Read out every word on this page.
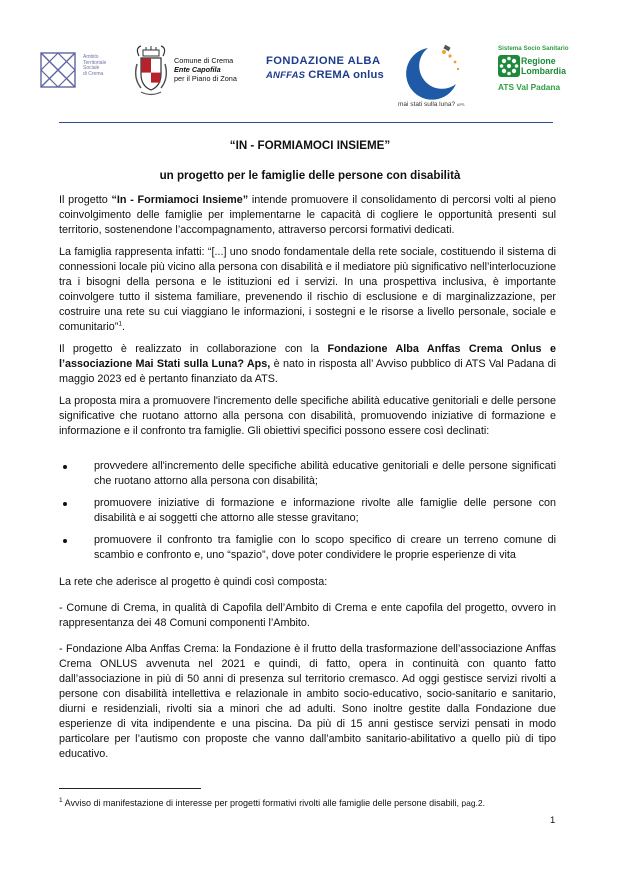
Ambito
Territoriale
Sociale
di Crema
Comune di Crema
Ente Capofila
per il Piano di Zona
FONDAZIONE ALBA
ANFFAS CREMA onlus
mai stati sulla luna? APS
Sistema Socio Sanitario
Regione
Lombardia
ATS Val Padana
“IN - FORMIAMOCI INSIEME”
un progetto per le famiglie delle persone con disabilità
Il progetto “In - Formiamoci Insieme” intende promuovere il consolidamento di percorsi volti al pieno coinvolgimento delle famiglie per implementarne le capacità di cogliere le opportunità presenti sul territorio, sostenendone l’accompagnamento, attraverso percorsi formativi dedicati.
La famiglia rappresenta infatti: “[...] uno snodo fondamentale della rete sociale, costituendo il sistema di connessioni locale più vicino alla persona con disabilità e il mediatore più significativo nell’interlocuzione tra i bisogni della persona e le istituzioni ed i servizi. In una prospettiva inclusiva, è importante coinvolgere tutto il sistema familiare, prevenendo il rischio di esclusione e di marginalizzazione, per costruire una rete su cui viaggiano le informazioni, i sostegni e le risorse a livello personale, sociale e comunitario”$^1$.
Il progetto è realizzato in collaborazione con la Fondazione Alba Anffas Crema Onlus e l’associazione Mai Stati sulla Luna? Aps, è nato in risposta all’ Avviso pubblico di ATS Val Padana di maggio 2023 ed è pertanto finanziato da ATS.
La proposta mira a promuovere l'incremento delle specifiche abilità educative genitoriali e delle persone significative che ruotano attorno alla persona con disabilità, promuovendo iniziative di formazione e informazione e il confronto tra famiglie. Gli obiettivi specifici possono essere così declinati:
provvedere all'incremento delle specifiche abilità educative genitoriali e delle persone significati che ruotano attorno alla persona con disabilità;
promuovere iniziative di formazione e informazione rivolte alle famiglie delle persone con disabilità e ai soggetti che attorno alle stesse gravitano;
promuovere il confronto tra famiglie con lo scopo specifico di creare un terreno comune di scambio e confronto e, uno “spazio”, dove poter condividere le proprie esperienze di vita
La rete che aderisce al progetto è quindi così composta:
- Comune di Crema, in qualità di Capofila dell’Ambito di Crema e ente capofila del progetto, ovvero in rappresentanza dei 48 Comuni componenti l’Ambito.
- Fondazione Alba Anffas Crema: la Fondazione è il frutto della trasformazione dell’associazione Anffas Crema ONLUS avvenuta nel 2021 e quindi, di fatto, opera in continuità con quanto fatto dall’associazione in più di 50 anni di presenza sul territorio cremasco. Ad oggi gestisce servizi rivolti a persone con disabilità intellettiva e relazionale in ambito socio-educativo, socio-sanitario e sanitario, diurni e residenziali, rivolti sia a minori che ad adulti. Sono inoltre gestite dalla Fondazione due esperienze di vita indipendente e una piscina. Da più di 15 anni gestisce servizi pensati in modo particolare per l’autismo con proposte che vanno dall’ambito sanitario-abilitativo a quello più di tipo educativo.
$^1$ Avviso di manifestazione di interesse per progetti formativi rivolti alle famiglie delle persone disabili, pag.2.
1
